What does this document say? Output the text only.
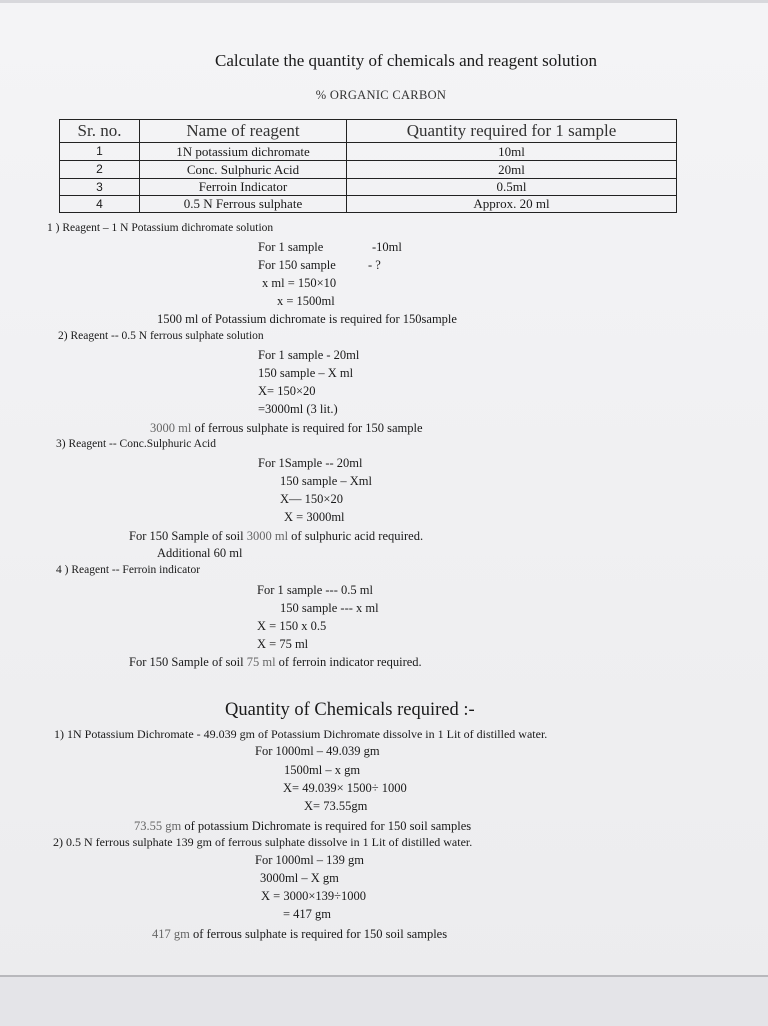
Calculate the quantity of chemicals and reagent solution
% ORGANIC CARBON
Sr. no.	Name of reagent	Quantity required for 1 sample
1	1N potassium dichromate	10ml
2	Conc. Sulphuric Acid	20ml
3	Ferroin Indicator	0.5ml
4	0.5 N Ferrous sulphate	Approx. 20 ml
1 ) Reagent – 1 N Potassium dichromate solution
For 1 sample	-10ml
For 150 sample	- ?
x ml = 150×10
x = 1500ml
1500 ml of Potassium dichromate is required for 150sample
2) Reagent -- 0.5 N ferrous sulphate solution
For 1 sample - 20ml
150 sample – X ml
X= 150×20
=3000ml (3 lit.)
3000 ml of ferrous sulphate is required for 150 sample
3) Reagent -- Conc.Sulphuric Acid
For 1Sample -- 20ml
150 sample – Xml
X— 150×20
X = 3000ml
For 150 Sample of soil 3000 ml of sulphuric acid required.
Additional 60 ml
4 ) Reagent -- Ferroin indicator
For 1 sample --- 0.5 ml
150 sample --- x ml
X = 150 x 0.5
X = 75 ml
For 150 Sample of soil 75 ml of ferroin indicator required.
Quantity of Chemicals required :-
1) 1N Potassium Dichromate - 49.039 gm of Potassium Dichromate dissolve in 1 Lit of distilled water.
For 1000ml – 49.039 gm
1500ml – x gm
X= 49.039× 1500÷ 1000
X= 73.55gm
73.55 gm of potassium Dichromate is required for 150 soil samples
2) 0.5 N ferrous sulphate 139 gm of ferrous sulphate dissolve in 1 Lit of distilled water.
For 1000ml – 139 gm
3000ml – X gm
X = 3000×139÷1000
= 417 gm
417 gm of ferrous sulphate is required for 150 soil samples
